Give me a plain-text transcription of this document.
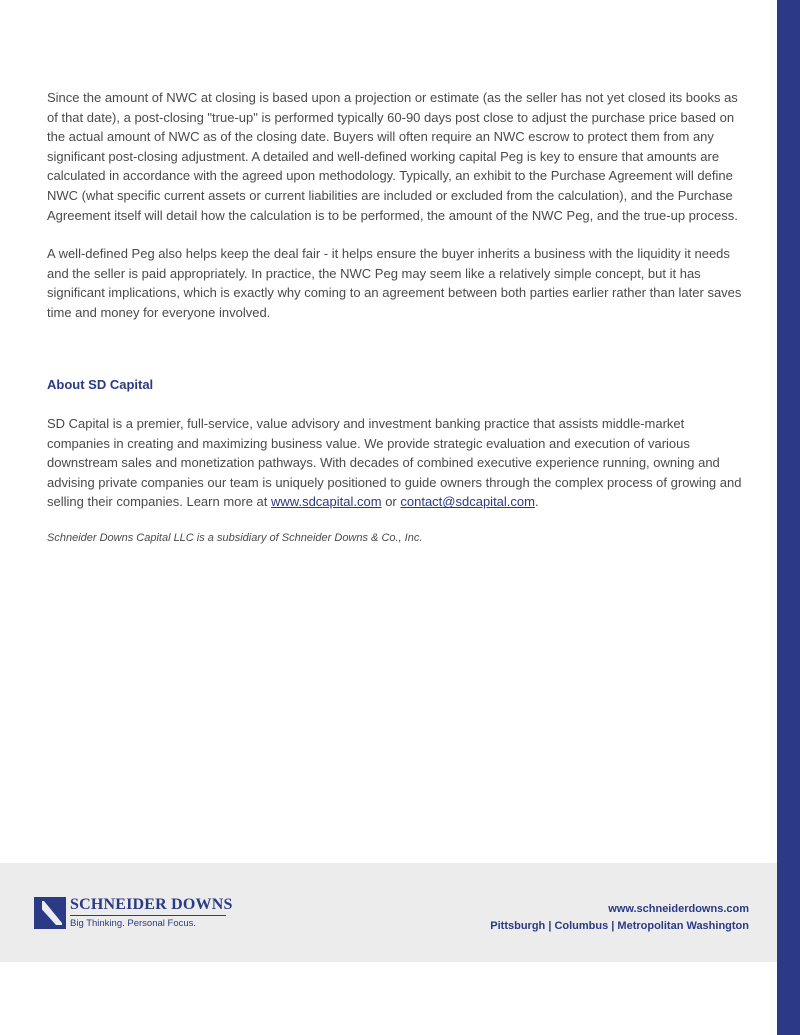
Since the amount of NWC at closing is based upon a projection or estimate (as the seller has not yet closed its books as of that date), a post-closing "true-up" is performed typically 60-90 days post close to adjust the purchase price based on the actual amount of NWC as of the closing date. Buyers will often require an NWC escrow to protect them from any significant post-closing adjustment. A detailed and well-defined working capital Peg is key to ensure that amounts are calculated in accordance with the agreed upon methodology. Typically, an exhibit to the Purchase Agreement will define NWC (what specific current assets or current liabilities are included or excluded from the calculation), and the Purchase Agreement itself will detail how the calculation is to be performed, the amount of the NWC Peg, and the true-up process.

A well-defined Peg also helps keep the deal fair - it helps ensure the buyer inherits a business with the liquidity it needs and the seller is paid appropriately. In practice, the NWC Peg may seem like a relatively simple concept, but it has significant implications, which is exactly why coming to an agreement between both parties earlier rather than later saves time and money for everyone involved.

About SD Capital

SD Capital is a premier, full-service, value advisory and investment banking practice that assists middle-market companies in creating and maximizing business value. We provide strategic evaluation and execution of various downstream sales and monetization pathways. With decades of combined executive experience running, owning and advising private companies our team is uniquely positioned to guide owners through the complex process of growing and selling their companies. Learn more at www.sdcapital.com or contact@sdcapital.com.

Schneider Downs Capital LLC is a subsidiary of Schneider Downs & Co., Inc.

SCHNEIDER DOWNS
Big Thinking. Personal Focus.
www.schneiderdowns.com
Pittsburgh | Columbus | Metropolitan Washington
